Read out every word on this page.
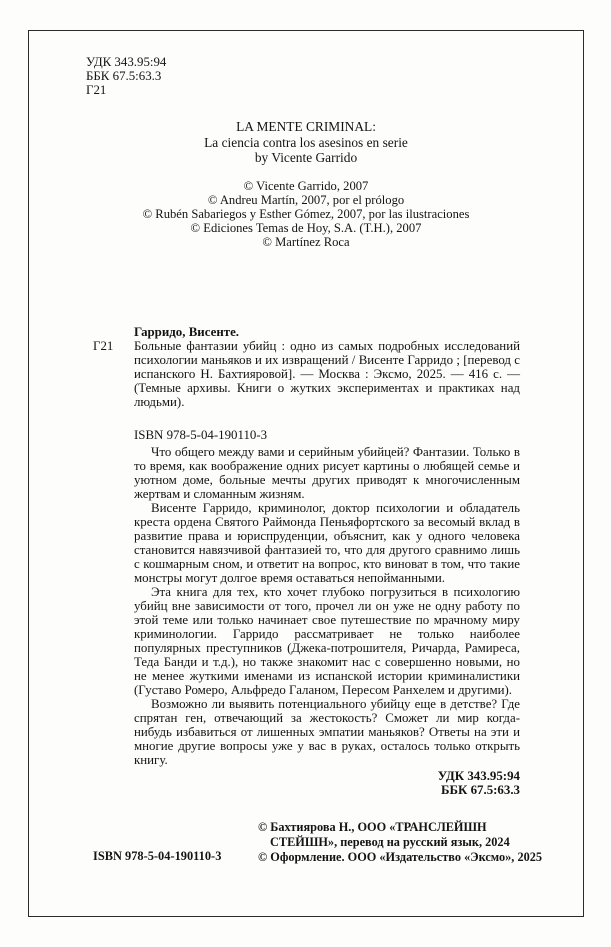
УДК 343.95:94
ББК 67.5:63.3
Г21
LA MENTE CRIMINAL:
La ciencia contra los asesinos en serie
by Vicente Garrido
© Vicente Garrido, 2007
© Andreu Martín, 2007, por el prólogo
© Rubén Sabariegos y Esther Gómez, 2007, por las ilustraciones
© Ediciones Temas de Hoy, S.A. (T.H.), 2007
© Martínez Roca
Гарридо, Висенте.
Г21 Больные фантазии убийц : одно из самых подробных исследований психологии маньяков и их извращений / Висенте Гарридо ; [перевод с испанского Н. Бахтияровой]. — Москва : Эксмо, 2025. — 416 с. — (Темные архивы. Книги о жутких экспериментах и практиках над людьми).
ISBN 978-5-04-190110-3

Что общего между вами и серийным убийцей? Фантазии. Только в то время, как воображение одних рисует картины о любящей семье и уютном доме, больные мечты других приводят к многочисленным жертвам и сломанным жизням.

Висенте Гарридо, криминолог, доктор психологии и обладатель креста ордена Святого Раймонда Пеньяфортского за весомый вклад в развитие права и юриспруденции, объяснит, как у одного человека становится навязчивой фантазией то, что для другого сравнимо лишь с кошмарным сном, и ответит на вопрос, кто виноват в том, что такие монстры могут долгое время оставаться непойманными.

Эта книга для тех, кто хочет глубоко погрузиться в психологию убийц вне зависимости от того, прочел ли он уже не одну работу по этой теме или только начинает свое путешествие по мрачному миру криминологии. Гарридо рассматривает не только наиболее популярных преступников (Джека-потрошителя, Ричарда, Рамиреса, Теда Банди и т.д.), но также знакомит нас с совершенно новыми, но не менее жуткими именами из испанской истории криминалистики (Густаво Ромеро, Альфредо Галаном, Пересом Ранхелем и другими).

Возможно ли выявить потенциального убийцу еще в детстве? Где спрятан ген, отвечающий за жестокость? Сможет ли мир когда-нибудь избавиться от лишенных эмпатии маньяков? Ответы на эти и многие другие вопросы уже у вас в руках, осталось только открыть книгу.

УДК 343.95:94
ББК 67.5:63.3
ISBN 978-5-04-190110-3

© Бахтиярова Н., ООО «ТРАНСЛЕЙШН СТЕЙШН», перевод на русский язык, 2024

© Оформление. ООО «Издательство «Эксмо», 2025
